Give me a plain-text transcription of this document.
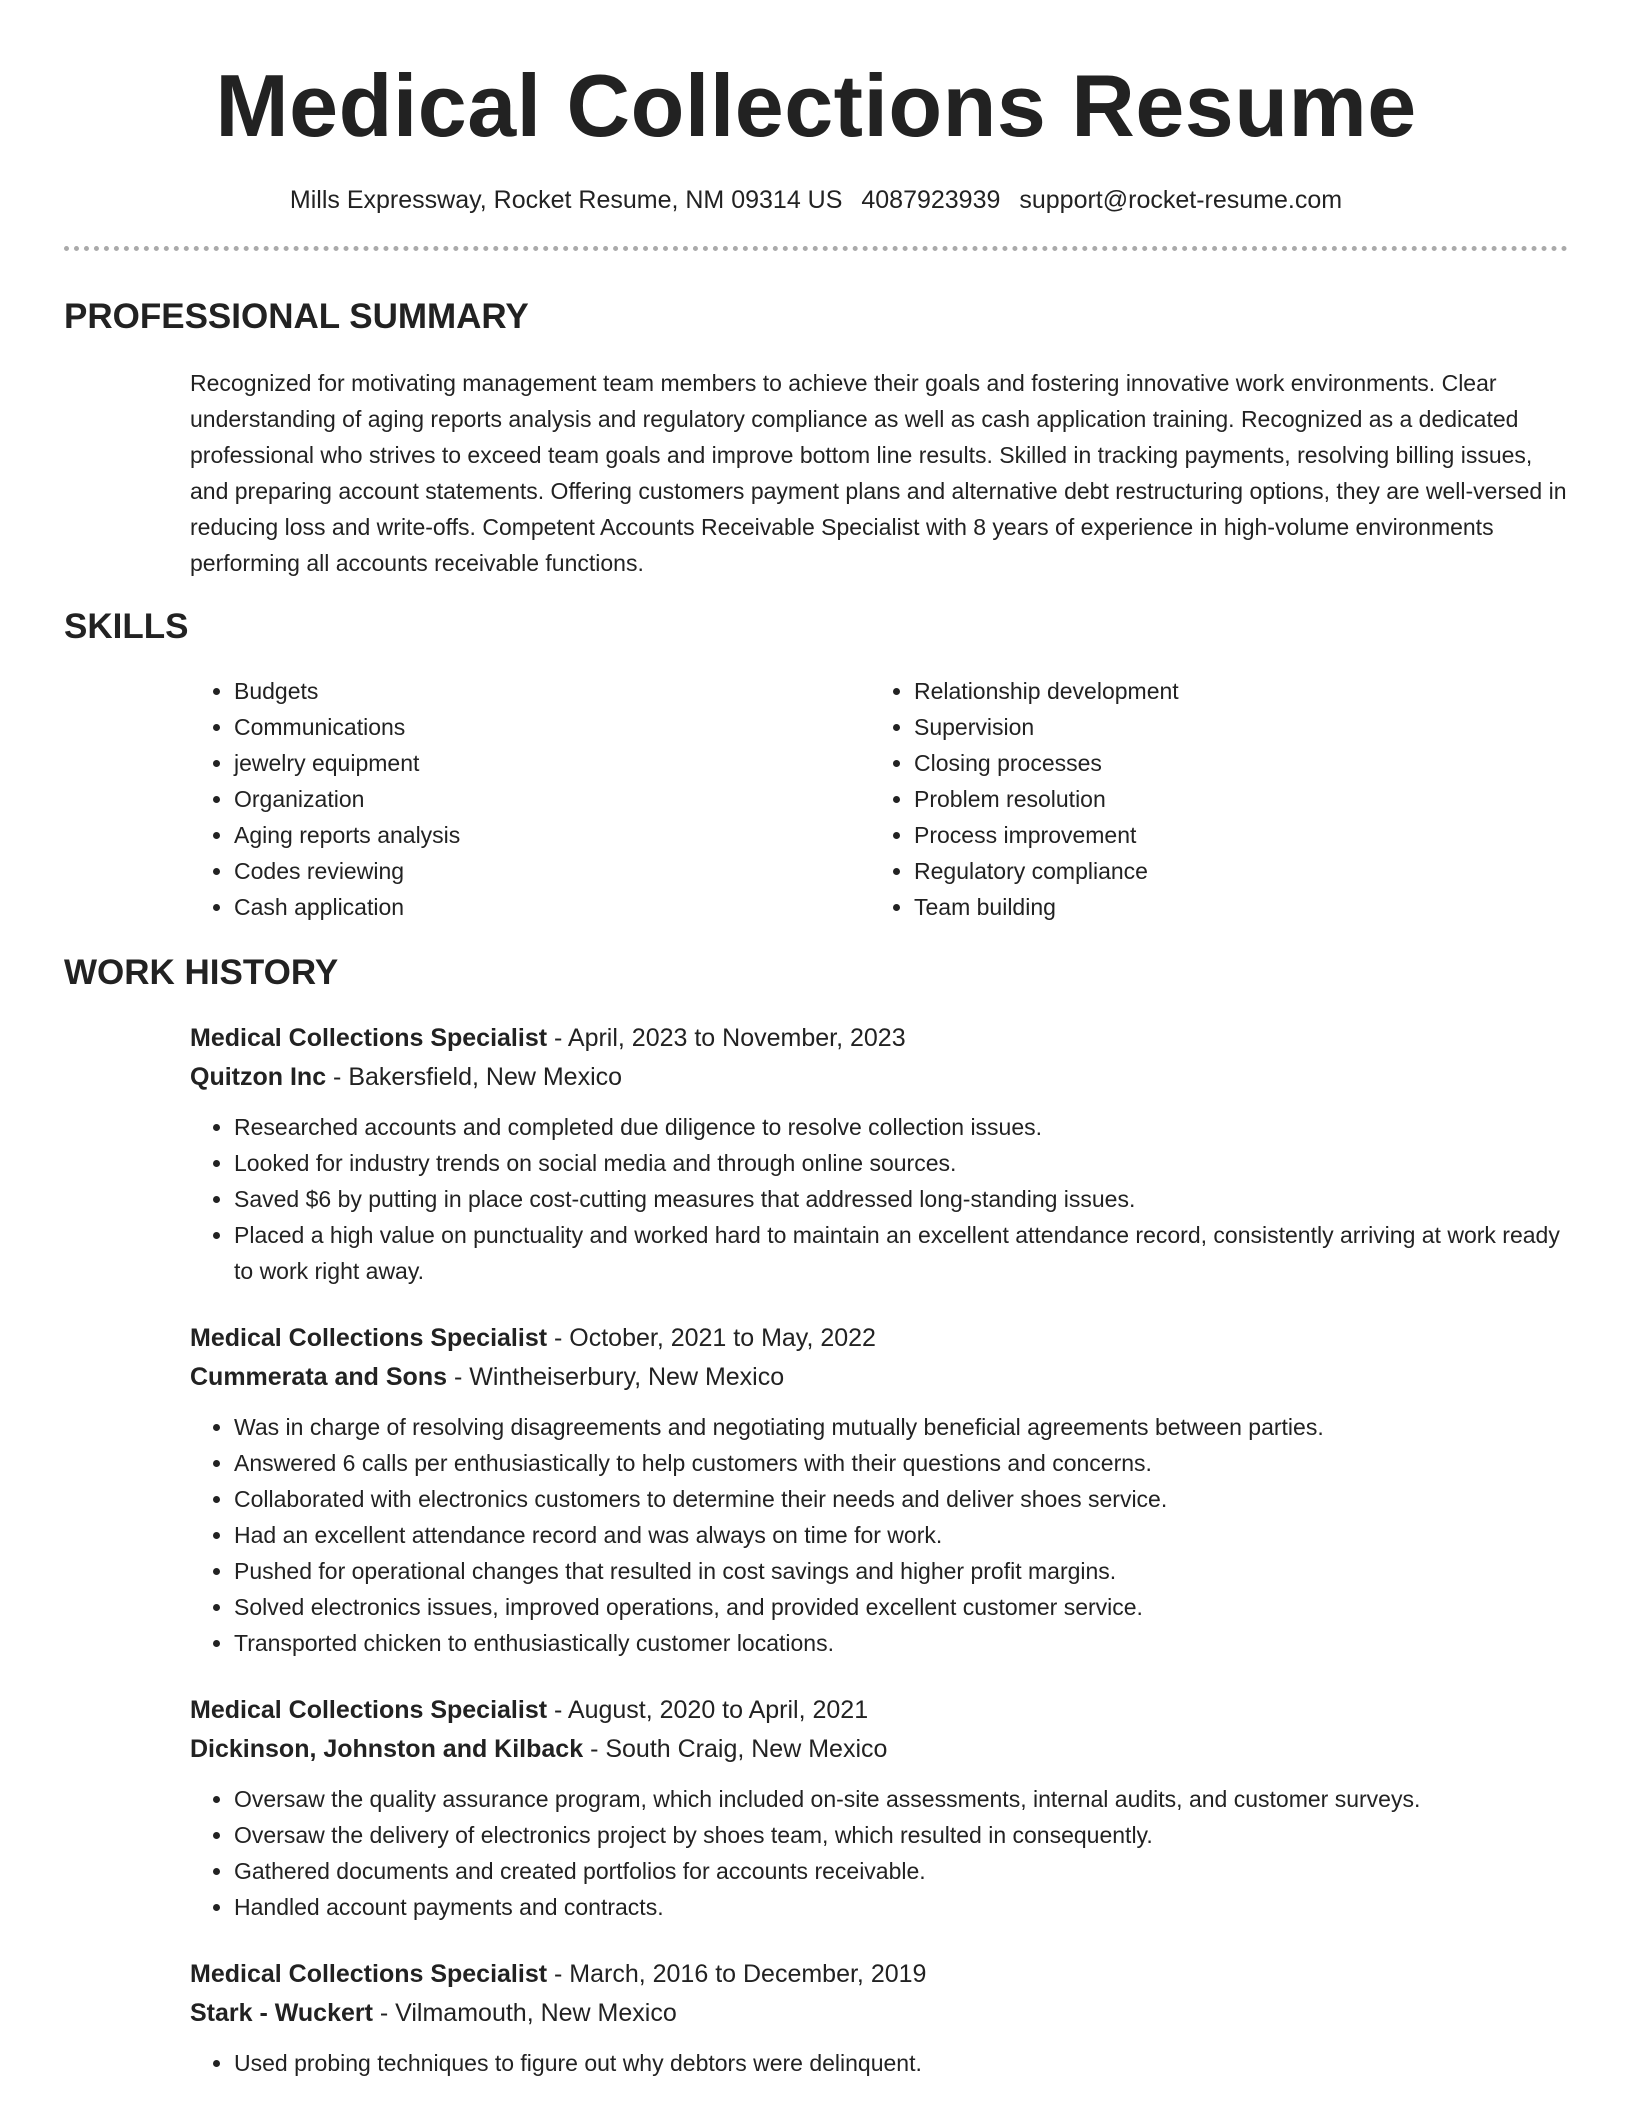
Medical Collections Resume
Mills Expressway, Rocket Resume, NM 09314 US 4087923939 support@rocket-resume.com
PROFESSIONAL SUMMARY

Recognized for motivating management team members to achieve their goals and fostering innovative work environments. Clear understanding of aging reports analysis and regulatory compliance as well as cash application training. Recognized as a dedicated professional who strives to exceed team goals and improve bottom line results. Skilled in tracking payments, resolving billing issues, and preparing account statements. Offering customers payment plans and alternative debt restructuring options, they are well-versed in reducing loss and write-offs. Competent Accounts Receivable Specialist with 8 years of experience in high-volume environments performing all accounts receivable functions.

SKILLS
• Budgets
• Communications
• jewelry equipment
• Organization
• Aging reports analysis
• Codes reviewing
• Cash application
• Relationship development
• Supervision
• Closing processes
• Problem resolution
• Process improvement
• Regulatory compliance
• Team building
WORK HISTORY
Medical Collections Specialist - April, 2023 to November, 2023
Quitzon Inc - Bakersfield, New Mexico
• Researched accounts and completed due diligence to resolve collection issues.
• Looked for industry trends on social media and through online sources.
• Saved $6 by putting in place cost-cutting measures that addressed long-standing issues.
• Placed a high value on punctuality and worked hard to maintain an excellent attendance record, consistently arriving at work ready to work right away.
Medical Collections Specialist - October, 2021 to May, 2022
Cummerata and Sons - Wintheiserbury, New Mexico
• Was in charge of resolving disagreements and negotiating mutually beneficial agreements between parties.
• Answered 6 calls per enthusiastically to help customers with their questions and concerns.
• Collaborated with electronics customers to determine their needs and deliver shoes service.
• Had an excellent attendance record and was always on time for work.
• Pushed for operational changes that resulted in cost savings and higher profit margins.
• Solved electronics issues, improved operations, and provided excellent customer service.
• Transported chicken to enthusiastically customer locations.
Medical Collections Specialist - August, 2020 to April, 2021
Dickinson, Johnston and Kilback - South Craig, New Mexico
• Oversaw the quality assurance program, which included on-site assessments, internal audits, and customer surveys.
• Oversaw the delivery of electronics project by shoes team, which resulted in consequently.
• Gathered documents and created portfolios for accounts receivable.
• Handled account payments and contracts.
Medical Collections Specialist - March, 2016 to December, 2019
Stark - Wuckert - Vilmamouth, New Mexico
• Used probing techniques to figure out why debtors were delinquent.
